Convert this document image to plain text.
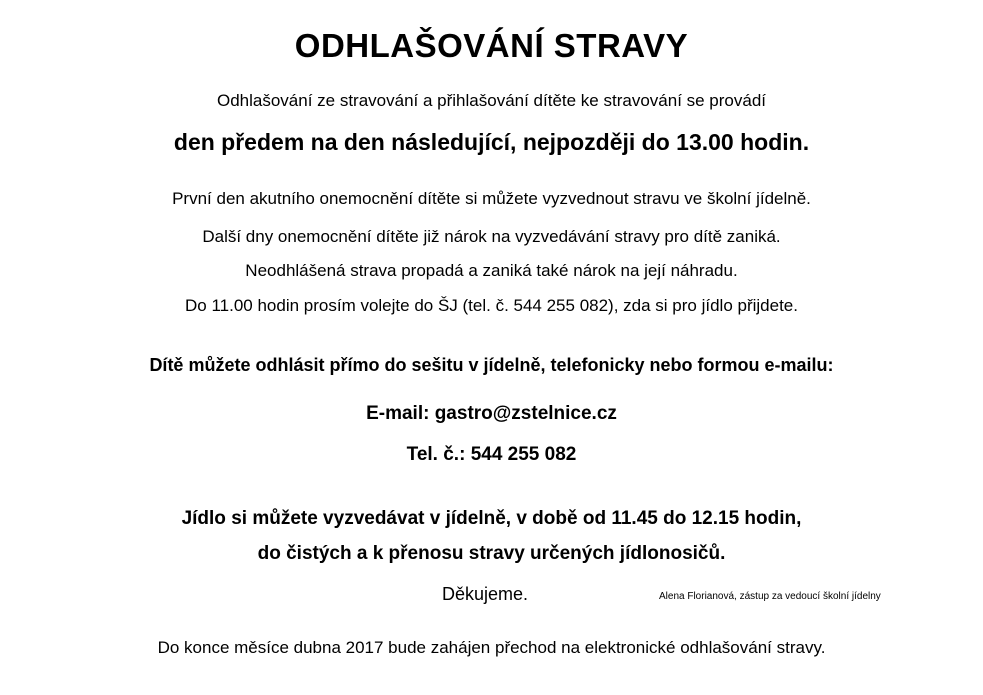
ODHLAŠOVÁNÍ STRAVY
Odhlašování ze stravování a přihlašování dítěte ke stravování se provádí
den předem na den následující, nejpozději do 13.00 hodin.
První den akutního onemocnění dítěte si můžete vyzvednout stravu ve školní jídelně.
Další dny onemocnění dítěte již nárok na vyzvedávání stravy pro dítě zaniká.
Neodhlášená strava propadá a zaniká také nárok na její náhradu.
Do 11.00 hodin prosím volejte do ŠJ (tel. č. 544 255 082), zda si pro jídlo přijdete.
Dítě můžete odhlásit přímo do sešitu v jídelně, telefonicky nebo formou e-mailu:
E-mail: gastro@zstelnice.cz
Tel. č.: 544 255 082
Jídlo si můžete vyzvedávat v jídelně, v době od 11.45 do 12.15 hodin,
do čistých a k přenosu stravy určených jídlonosičů.
Děkujeme.	Alena Florianová, zástup za vedoucí školní jídelny
Do konce měsíce dubna 2017 bude zahájen přechod na elektronické odhlašování stravy.
